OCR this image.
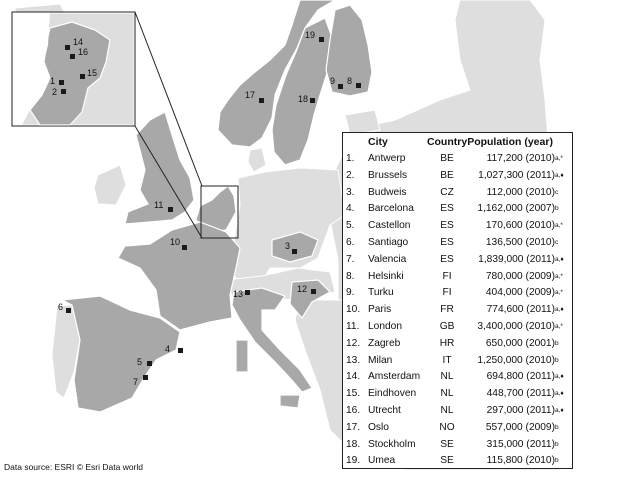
1
2
3
4
5
6
7
8
9
10
11
12
13
14
15
16
17	18
19
Data source: ESRI © Esri Data world
	City	Country	Population (year)	
1.	Antwerp	BE	117,200 (2010)	a,*
2.	Brussels	BE	1,027,300 (2011)	a,♦
3.	Budweis	CZ	112,000 (2010)	c
4.	Barcelona	ES	1,162,000 (2007)	b
5.	Castellon	ES	170,600 (2010)	a,*
6.	Santiago	ES	136,500 (2010)	c
7.	Valencia	ES	1,839,000 (2011)	a,♦
8.	Helsinki	FI	780,000 (2009)	a,*
9.	Turku	FI	404,000 (2009)	a,*
10.	Paris	FR	774,600 (2011)	a,♦
11.	London	GB	3,400,000 (2010)	a,*
12.	Zagreb	HR	650,000 (2001)	b
13.	Milan	IT	1,250,000 (2010)	b
14.	Amsterdam	NL	694,800 (2011)	a,♦
15.	Eindhoven	NL	448,700 (2011)	a,♦
16.	Utrecht	NL	297,000 (2011)	a,♦
17.	Oslo	NO	557,000 (2009)	b
18.	Stockholm	SE	315,000 (2011)	b
19.	Umea	SE	115,800 (2010)	b
